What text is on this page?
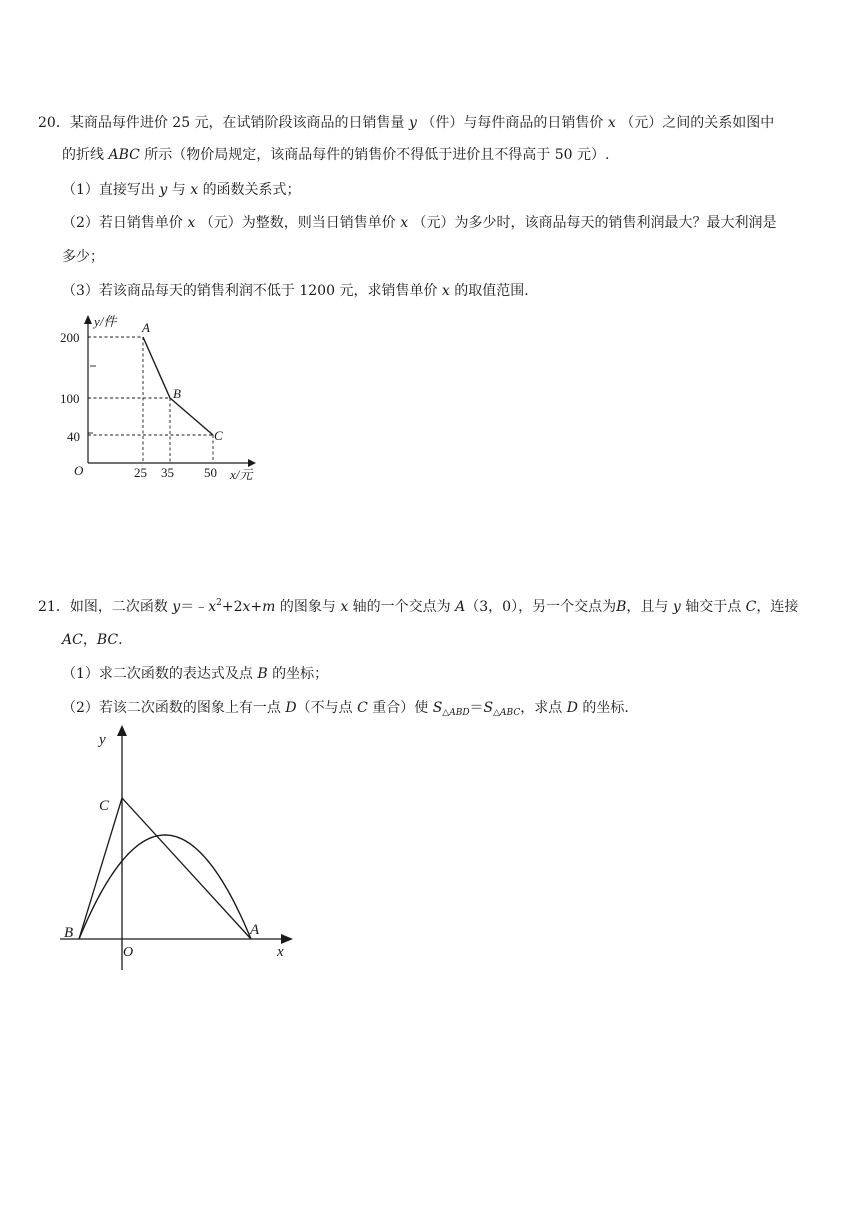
20．某商品每件进价 25 元，在试销阶段该商品的日销售量 y （件）与每件商品的日销售价 x （元）之间的关系如图中
的折线 ABC 所示（物价局规定，该商品每件的销售价不得低于进价且不得高于 50 元）.
（1）直接写出 y 与 x 的函数关系式；
（2）若日销售单价 x （元）为整数，则当日销售单价 x （元）为多少时，该商品每天的销售利润最大？最大利润是
多少；
（3）若该商品每天的销售利润不低于 1200 元，求销售单价 x 的取值范围.
y/件
x/元
O
A
B
C
25 35 50
200
100
40
21．如图，二次函数 $y=﹣x^2+2x+m$ 的图象与 x 轴的一个交点为 A（3，0），另一个交点为B，且与 y 轴交于点 C，连接
AC，BC.
（1）求二次函数的表达式及点 B 的坐标；
（2）若该二次函数的图象上有一点 D（不与点 C 重合）使 $S_{\triangle ABD}=S_{\triangle ABC}$，求点 D 的坐标.
y
x
O
C
B	A
